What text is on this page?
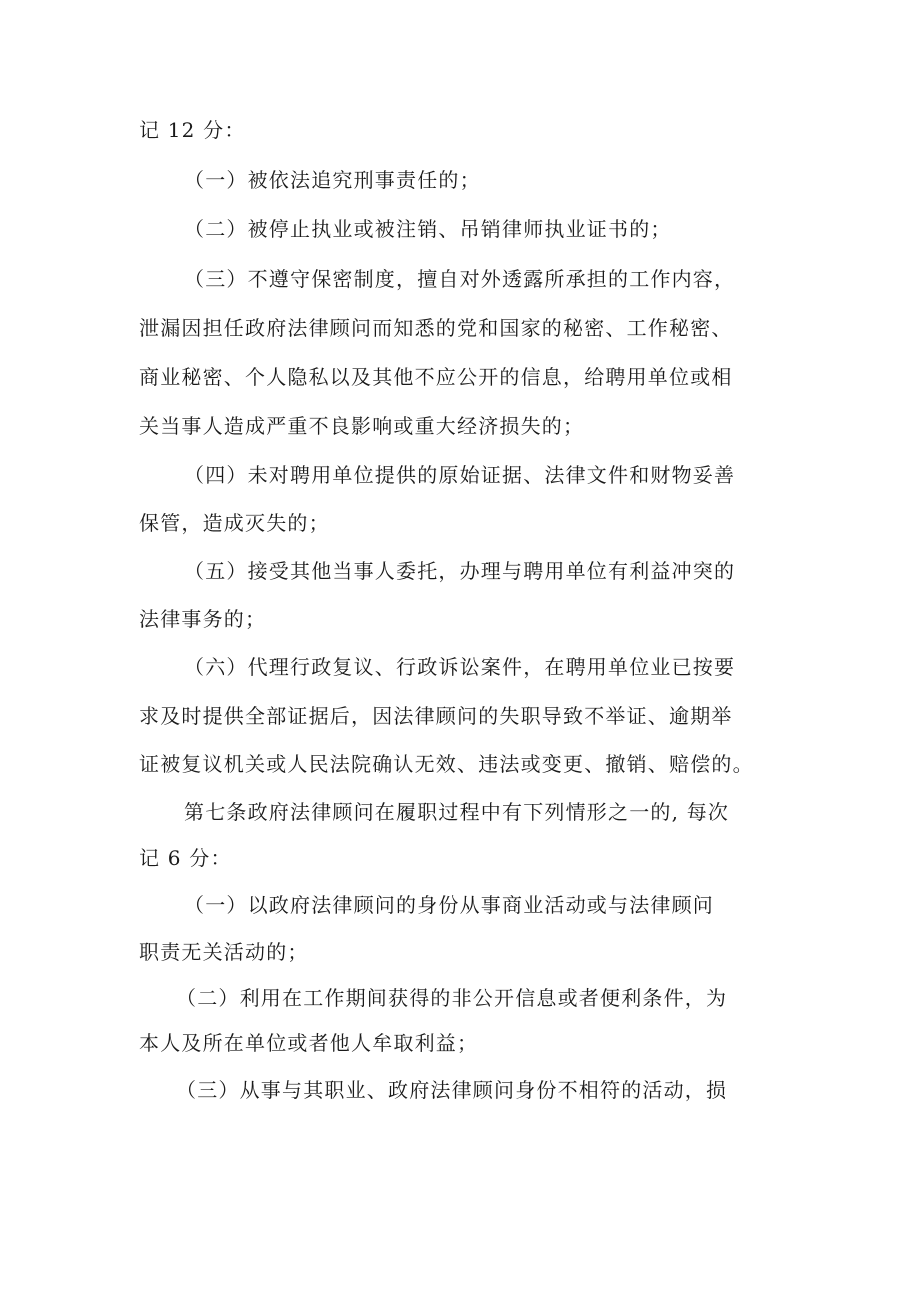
记 12 分：
（一）被依法追究刑事责任的；
（二）被停止执业或被注销、吊销律师执业证书的；
（三）不遵守保密制度，擅自对外透露所承担的工作内容，
泄漏因担任政府法律顾问而知悉的党和国家的秘密、工作秘密、
商业秘密、个人隐私以及其他不应公开的信息，给聘用单位或相
关当事人造成严重不良影响或重大经济损失的；
（四）未对聘用单位提供的原始证据、法律文件和财物妥善
保管，造成灭失的；
（五）接受其他当事人委托，办理与聘用单位有利益冲突的
法律事务的；
（六）代理行政复议、行政诉讼案件，在聘用单位业已按要
求及时提供全部证据后，因法律顾问的失职导致不举证、逾期举
证被复议机关或人民法院确认无效、违法或变更、撤销、赔偿的。
第七条政府法律顾问在履职过程中有下列情形之一的, 每次
记 6 分：
（一）以政府法律顾问的身份从事商业活动或与法律顾问
职责无关活动的；
（二）利用在工作期间获得的非公开信息或者便利条件，为
本人及所在单位或者他人牟取利益；
（三）从事与其职业、政府法律顾问身份不相符的活动，损
